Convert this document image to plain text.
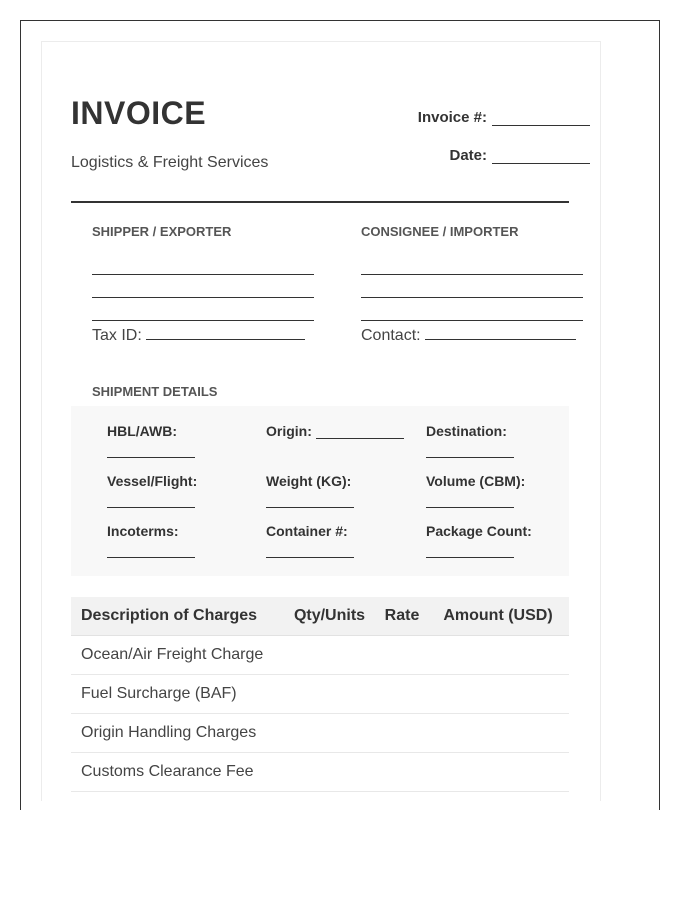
INVOICE
Logistics & Freight Services
Invoice #:
Date:
SHIPPER / EXPORTER	CONSIGNEE / IMPORTER
Tax ID:	Contact:
SHIPMENT DETAILS
HBL/AWB:	Origin:	Destination:
Vessel/Flight:	Weight (KG):	Volume (CBM):
Incoterms:	Container #:	Package Count:
Description of Charges	Qty/Units	Rate	Amount (USD)
Ocean/Air Freight Charge
Fuel Surcharge (BAF)
Origin Handling Charges
Customs Clearance Fee
